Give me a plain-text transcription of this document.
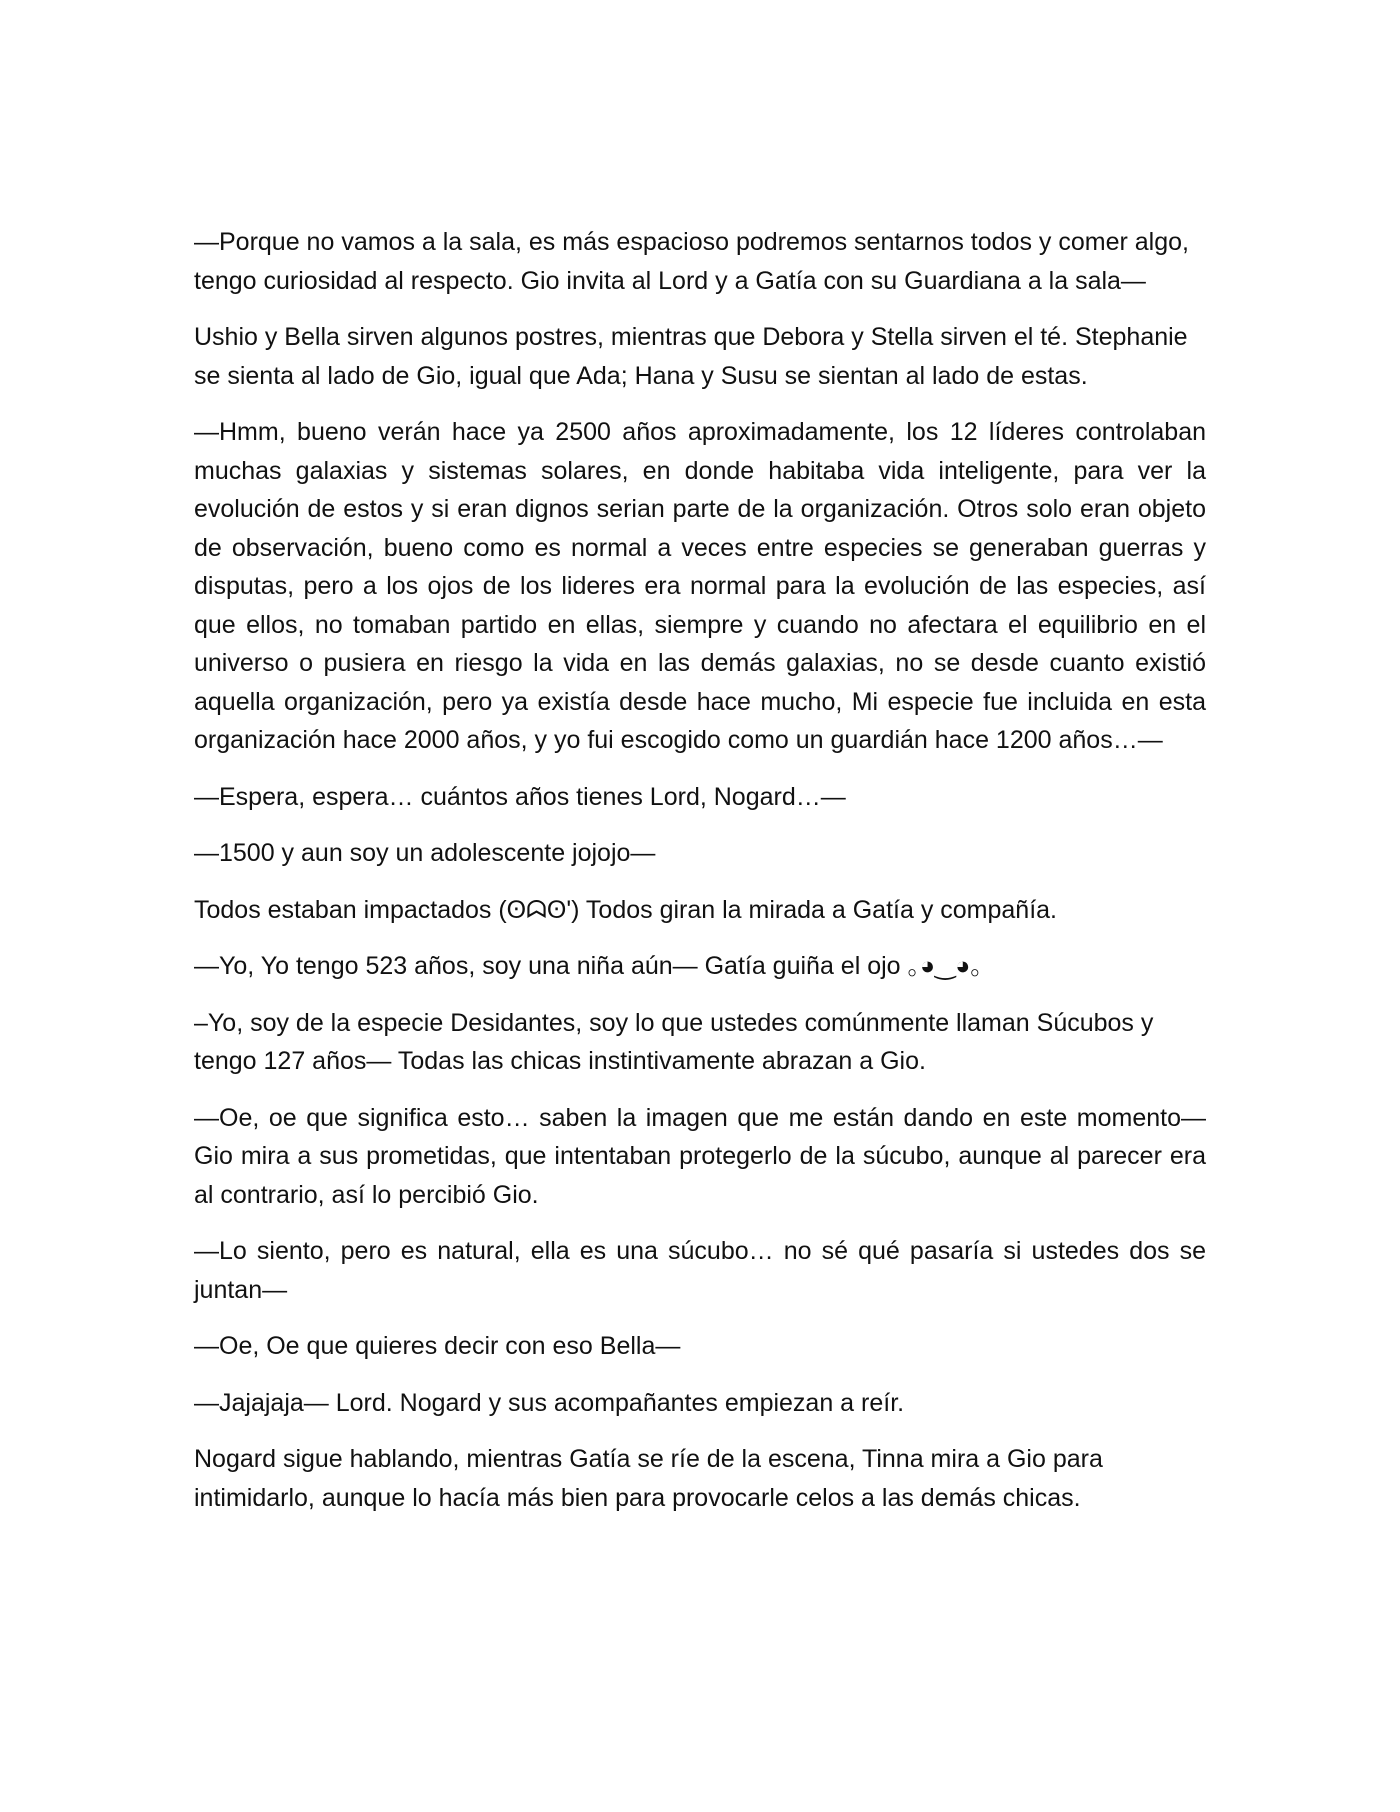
—Porque no vamos a la sala, es más espacioso podremos sentarnos todos y comer algo, tengo curiosidad al respecto. Gio invita al Lord y a Gatía con su Guardiana a la sala—

Ushio y Bella sirven algunos postres, mientras que Debora y Stella sirven el té. Stephanie se sienta al lado de Gio, igual que Ada; Hana y Susu se sientan al lado de estas.

—Hmm, bueno verán hace ya 2500 años aproximadamente, los 12 líderes controlaban muchas galaxias y sistemas solares, en donde habitaba vida inteligente, para ver la evolución de estos y si eran dignos serian parte de la organización. Otros solo eran objeto de observación, bueno como es normal a veces entre especies se generaban guerras y disputas, pero a los ojos de los lideres era normal para la evolución de las especies, así que ellos, no tomaban partido en ellas, siempre y cuando no afectara el equilibrio en el universo o pusiera en riesgo la vida en las demás galaxias, no se desde cuanto existió aquella organización, pero ya existía desde hace mucho, Mi especie fue incluida en esta organización hace 2000 años, y yo fui escogido como un guardián hace 1200 años…—

—Espera, espera… cuántos años tienes Lord, Nogard…—

—1500 y aun soy un adolescente jojojo—

Todos estaban impactados (ʘᗣʘ') Todos giran la mirada a Gatía y compañía.

—Yo, Yo tengo 523 años, soy una niña aún— Gatía guiña el ojo ｡◕‿◕｡

–Yo, soy de la especie Desidantes, soy lo que ustedes comúnmente llaman Súcubos y tengo 127 años— Todas las chicas instintivamente abrazan a Gio.

—Oe, oe que significa esto… saben la imagen que me están dando en este momento— Gio mira a sus prometidas, que intentaban protegerlo de la súcubo, aunque al parecer era al contrario, así lo percibió Gio.

—Lo siento, pero es natural, ella es una súcubo… no sé qué pasaría si ustedes dos se juntan—

—Oe, Oe que quieres decir con eso Bella—

—Jajajaja— Lord. Nogard y sus acompañantes empiezan a reír.

Nogard sigue hablando, mientras Gatía se ríe de la escena, Tinna mira a Gio para intimidarlo, aunque lo hacía más bien para provocarle celos a las demás chicas.
